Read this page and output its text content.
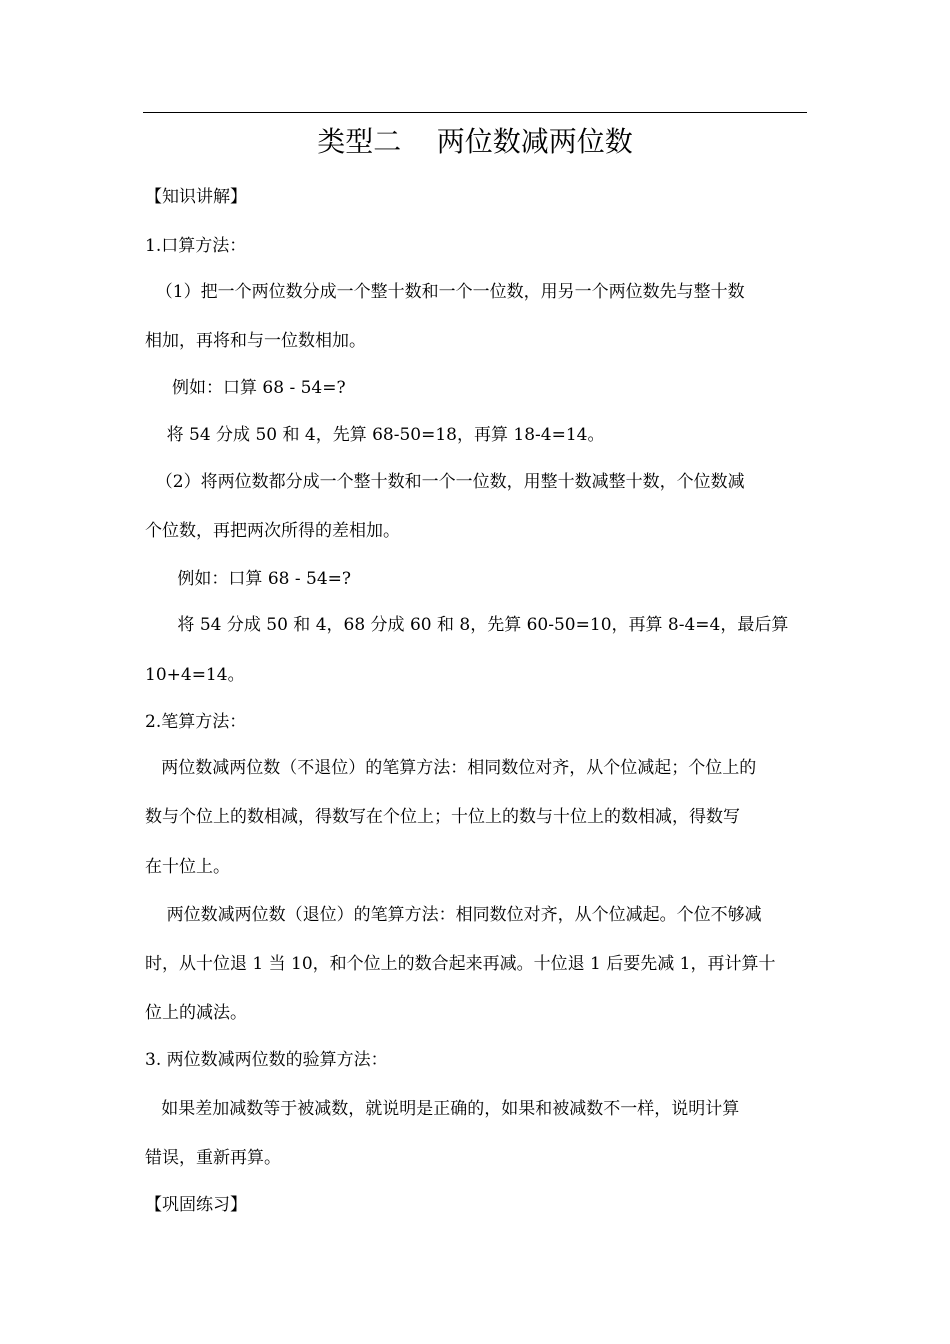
类型二    两位数减两位数
【知识讲解】
1.口算方法：
（1）把一个两位数分成一个整十数和一个一位数，用另一个两位数先与整十数
相加，再将和与一位数相加。
例如：口算 68 - 54=?
将 54 分成 50 和 4，先算 68-50=18，再算 18-4=14。
（2）将两位数都分成一个整十数和一个一位数，用整十数减整十数，个位数减
个位数，再把两次所得的差相加。
例如：口算 68 - 54=?
将 54 分成 50 和 4，68 分成 60 和 8，先算 60-50=10，再算 8-4=4，最后算
10+4=14。
2.笔算方法：
两位数减两位数（不退位）的笔算方法：相同数位对齐，从个位减起；个位上的
数与个位上的数相减，得数写在个位上；十位上的数与十位上的数相减，得数写
在十位上。
两位数减两位数（退位）的笔算方法：相同数位对齐，从个位减起。个位不够减
时，从十位退 1 当 10，和个位上的数合起来再减。十位退 1 后要先减 1，再计算十
位上的减法。
3. 两位数减两位数的验算方法：
如果差加减数等于被减数，就说明是正确的，如果和被减数不一样，说明计算
错误，重新再算。
【巩固练习】
